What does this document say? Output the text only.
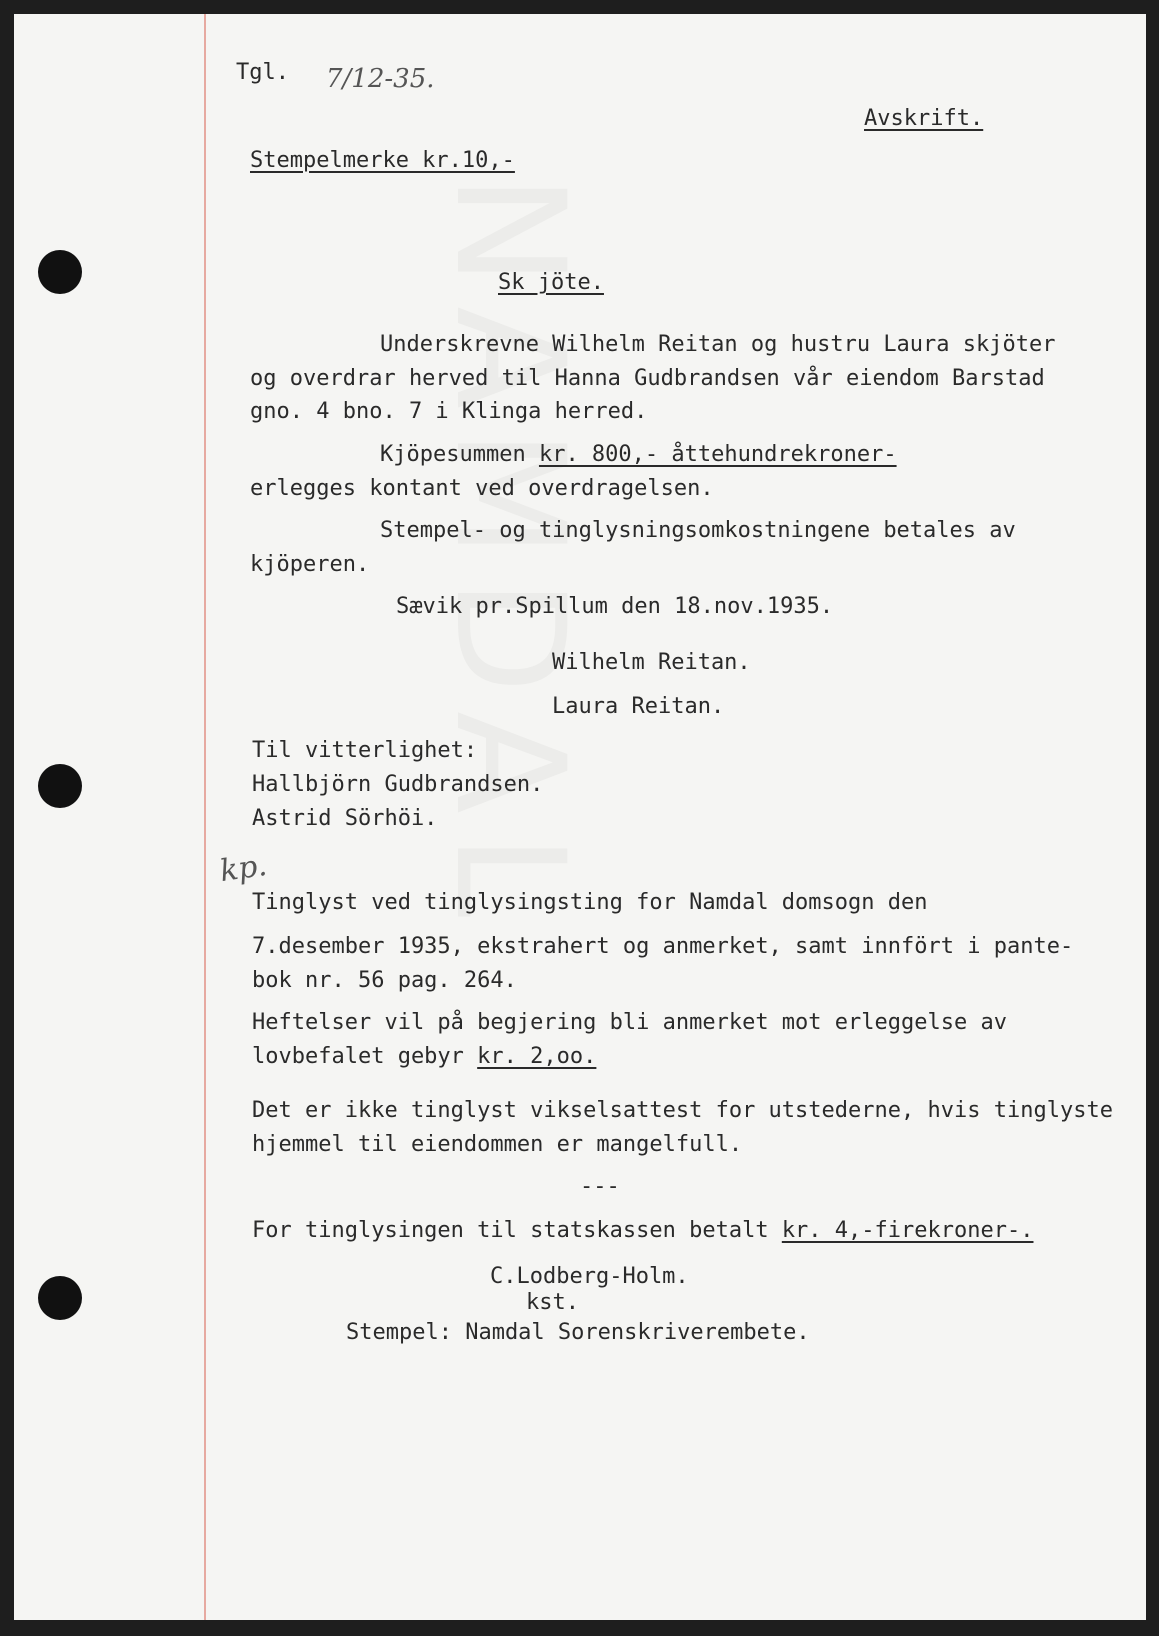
Tgl. 7/12-35.
Avskrift.
Stempelmerke kr.10,-
Sk jöte.
Underskrevne Wilhelm Reitan og hustru Laura skjöter
og overdrar herved til Hanna Gudbrandsen vår eiendom Barstad
gno. 4 bno. 7 i Klinga herred.
Kjöpesummen kr. 800,- åttehundrekroner-
erlegges kontant ved overdragelsen.
Stempel- og tinglysningsomkostningene betales av
kjöperen.
Sævik pr.Spillum den 18.nov.1935.
Wilhelm Reitan.
Laura Reitan.
Til vitterlighet:
Hallbjörn Gudbrandsen.
Astrid Sörhöi.
kp.
Tinglyst ved tinglysingsting for Namdal domsogn den
7.desember 1935, ekstrahert og anmerket, samt innfört i pante-
bok nr. 56 pag. 264.
Heftelser vil på begjering bli anmerket mot erleggelse av
lovbefalet gebyr kr. 2,oo.
Det er ikke tinglyst vikselsattest for utstederne, hvis tinglyste
hjemmel til eiendommen er mangelfull.
---
For tinglysingen til statskassen betalt kr. 4,-firekroner-.
C.Lodberg-Holm.
kst.
Stempel: Namdal Sorenskriverembete.
